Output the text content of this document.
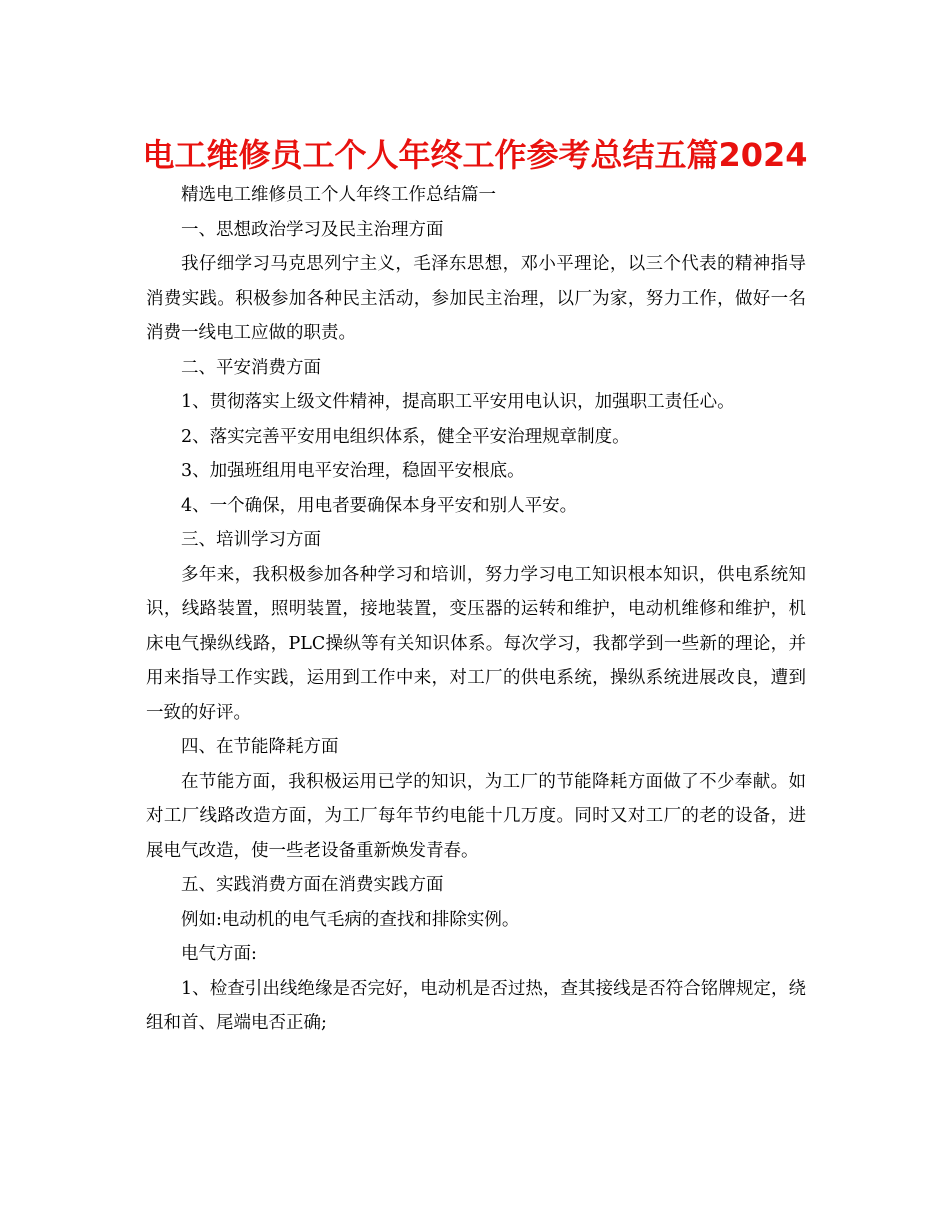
电工维修员工个人年终工作参考总结五篇2024

精选电工维修员工个人年终工作总结篇一

一、思想政治学习及民主治理方面

我仔细学习马克思列宁主义，毛泽东思想，邓小平理论，以三个代表的精神指导消费实践。积极参加各种民主活动，参加民主治理，以厂为家，努力工作，做好一名消费一线电工应做的职责。

二、平安消费方面

1、贯彻落实上级文件精神，提高职工平安用电认识，加强职工责任心。

2、落实完善平安用电组织体系，健全平安治理规章制度。

3、加强班组用电平安治理，稳固平安根底。

4、一个确保，用电者要确保本身平安和别人平安。

三、培训学习方面

多年来，我积极参加各种学习和培训，努力学习电工知识根本知识，供电系统知识，线路装置，照明装置，接地装置，变压器的运转和维护，电动机维修和维护，机床电气操纵线路，PLC操纵等有关知识体系。每次学习，我都学到一些新的理论，并用来指导工作实践，运用到工作中来，对工厂的供电系统，操纵系统进展改良，遭到一致的好评。

四、在节能降耗方面

在节能方面，我积极运用已学的知识，为工厂的节能降耗方面做了不少奉献。如对工厂线路改造方面，为工厂每年节约电能十几万度。同时又对工厂的老的设备，进展电气改造，使一些老设备重新焕发青春。

五、实践消费方面在消费实践方面

例如:电动机的电气毛病的查找和排除实例。

电气方面:

1、检查引出线绝缘是否完好，电动机是否过热，查其接线是否符合铭牌规定，绕组和首、尾端电否正确;
